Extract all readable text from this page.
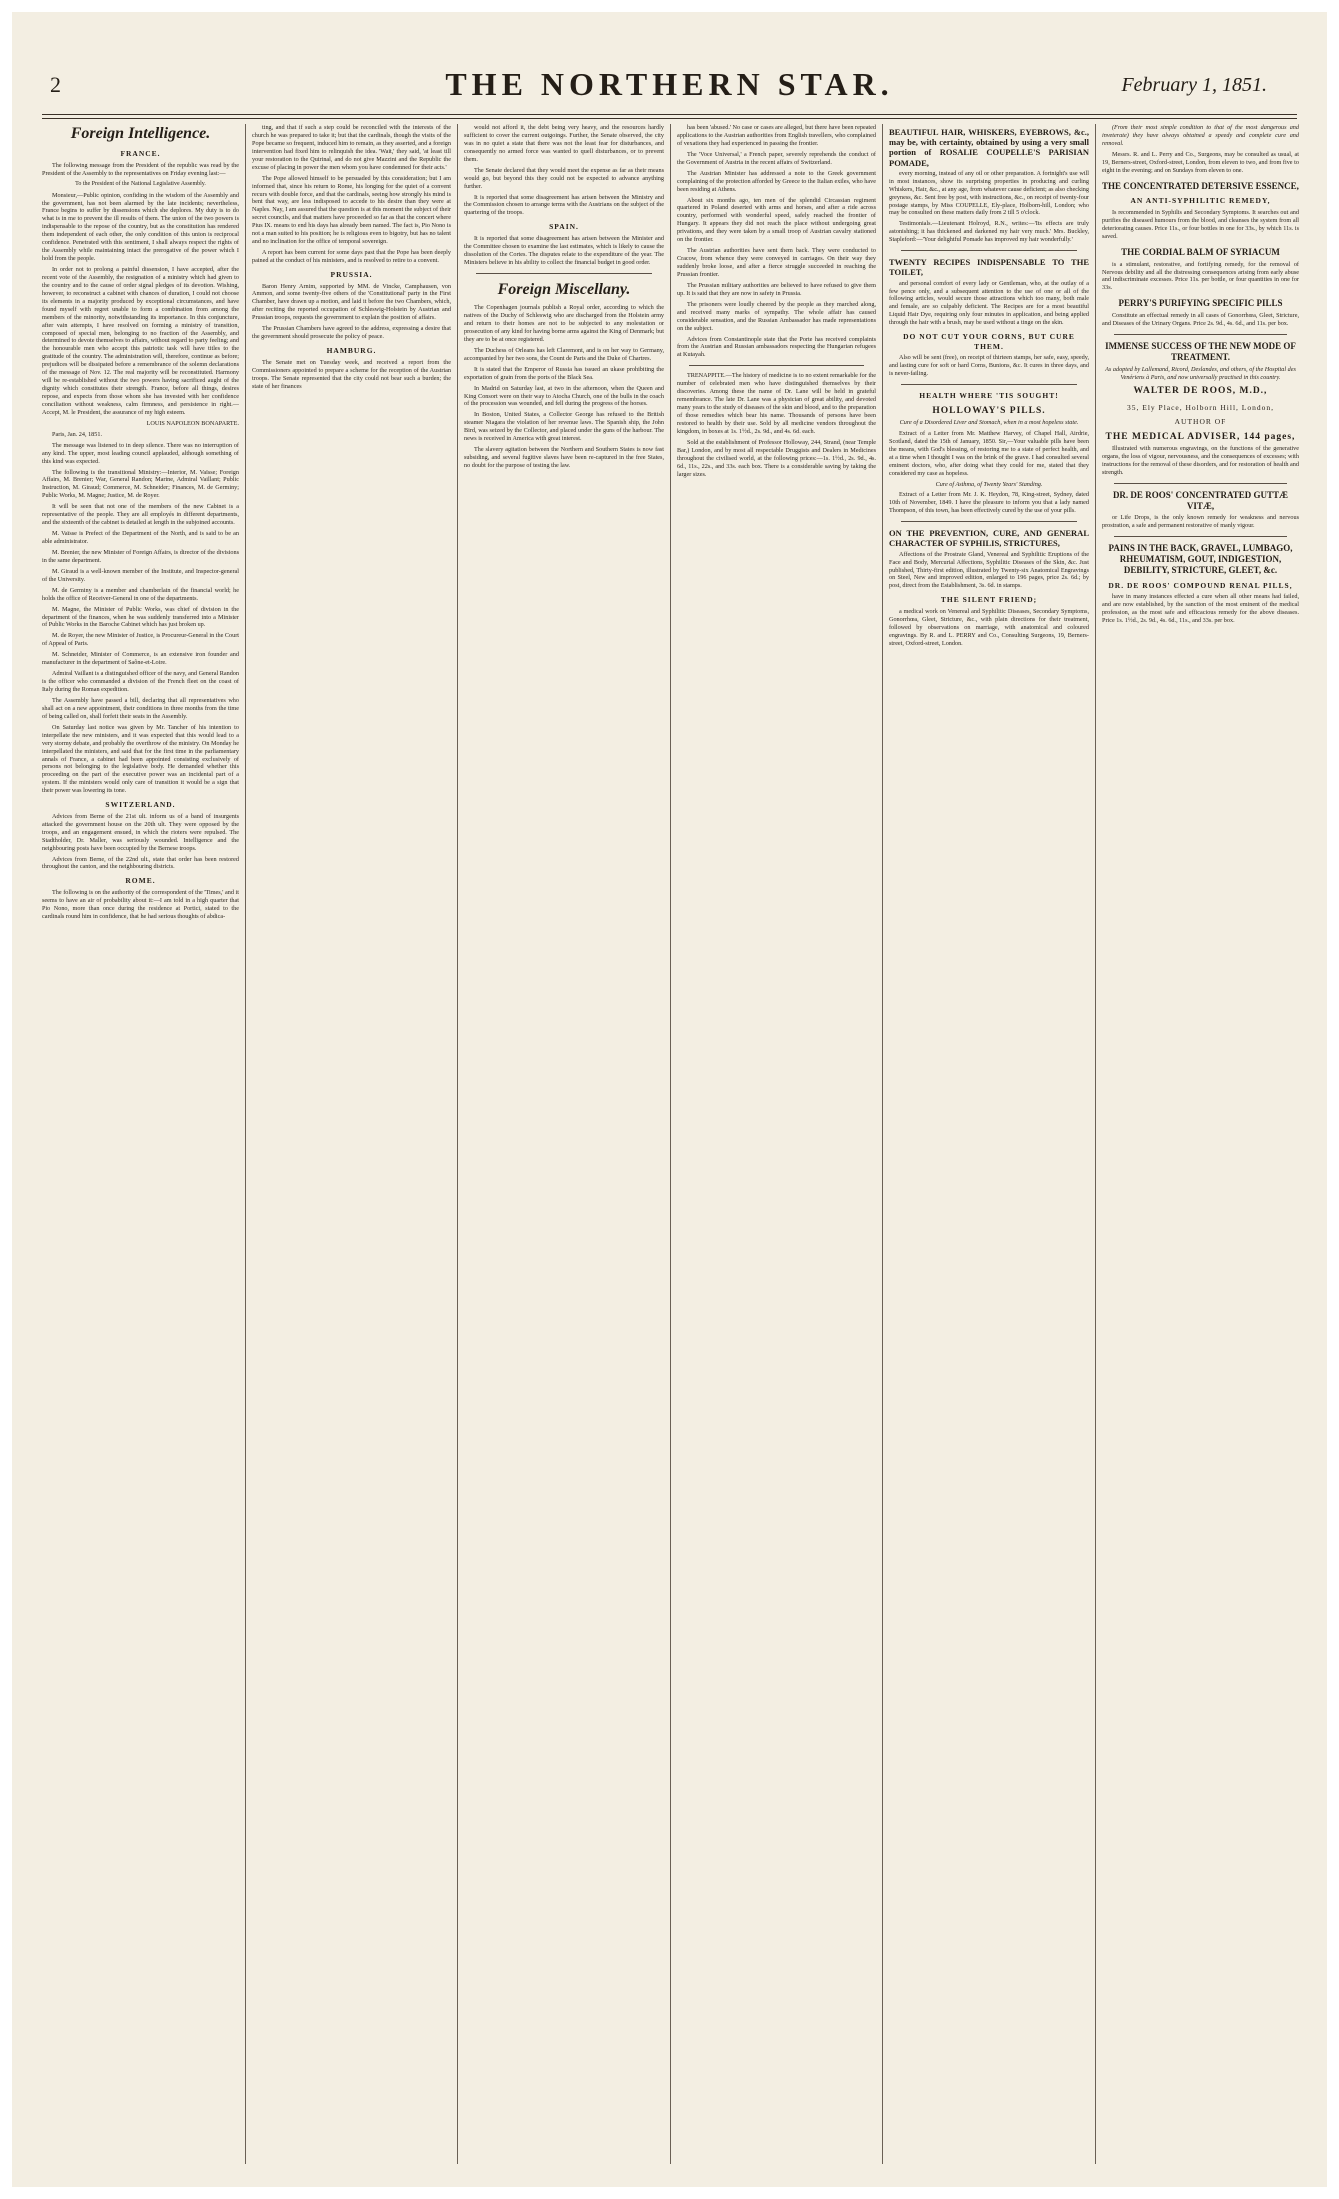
2	THE NORTHERN STAR.	February 1, 1851.
Foreign Intelligence.
FRANCE.

The following message from the President of the republic was read by the President of the Assembly to the representatives on Friday evening last:—

To the President of the National Legislative Assembly.

Monsieur,—Public opinion, confiding in the wisdom of the Assembly and the government, has not been alarmed by the late incidents; nevertheless, France begins to suffer by dissensions which she deplores. My duty is to do what is in me to prevent the ill results of them. The union of the two powers is indispensable to the repose of the country, but as the constitution has rendered them independent of each other, the only condition of this union is reciprocal confidence. Penetrated with this sentiment, I shall always respect the rights of the Assembly while maintaining intact the prerogative of the power which I hold from the people.

In order not to prolong a painful dissension, I have accepted, after the recent vote of the Assembly, the resignation of a ministry which had given to the country and to the cause of order signal pledges of its devotion. Wishing, however, to reconstruct a cabinet with chances of duration, I could not choose its elements in a majority produced by exceptional circumstances, and have found myself with regret unable to form a combination from among the members of the minority, notwithstanding its importance. In this conjuncture, after vain attempts, I have resolved on forming a ministry of transition, composed of special men, belonging to no fraction of the Assembly, and determined to devote themselves to affairs, without regard to party feeling; and the honourable men who accept this patriotic task will have titles to the gratitude of the country. The administration will, therefore, continue as before; prejudices will be dissipated before a remembrance of the solemn declarations of the message of Nov. 12. The real majority will be reconstituted. Harmony will be re-established without the two powers having sacrificed aught of the dignity which constitutes their strength. France, before all things, desires repose, and expects from those whom she has invested with her confidence conciliation without weakness, calm firmness, and persistence in right.—Accept, M. le President, the assurance of my high esteem.

LOUIS NAPOLEON BONAPARTE.

Paris, Jan. 24, 1851.

The message was listened to in deep silence. There was no interruption of any kind. The upper, most leading council applauded, although something of this kind was expected.

The following is the transitional Ministry:—Interior, M. Vaïsse; Foreign Affairs, M. Brenier; War, General Randon; Marine, Admiral Vaillant; Public Instruction, M. Giraud; Commerce, M. Schneider; Finances, M. de Germiny; Public Works, M. Magne; Justice, M. de Royer.

It will be seen that not one of the members of the new Cabinet is a representative of the people. They are all employés in different departments, and the sixteenth of the cabinet is detailed at length in the subjoined accounts.

M. Vaïsse is Prefect of the Department of the North, and is said to be an able administrator.

M. Brenier, the new Minister of Foreign Affairs, is director of the divisions in the same department.

M. Giraud is a well-known member of the Institute, and Inspector-general of the University.

M. de Germiny is a member and chamberlain of the financial world; he holds the office of Receiver-General in one of the departments.

M. Magne, the Minister of Public Works, was chief of division in the department of the finances, when he was suddenly transferred into a Minister of Public Works in the Baroche Cabinet which has just broken up.

M. de Royer, the new Minister of Justice, is Procureur-General in the Court of Appeal of Paris.

M. Schneider, Minister of Commerce, is an extensive iron founder and manufacturer in the department of Saône-et-Loire.

Admiral Vaillant is a distinguished officer of the navy, and General Randon is the officer who commanded a division of the French fleet on the coast of Italy during the Roman expedition.

The Assembly have passed a bill, declaring that all representatives who shall act on a new appointment, their conditions in three months from the time of being called on, shall forfeit their seats in the Assembly.

On Saturday last notice was given by Mr. Tancher of his intention to interpellate the new ministers, and it was expected that this would lead to a very stormy debate, and probably the overthrow of the ministry. On Monday he interpellated the ministers, and said that for the first time in the parliamentary annals of France, a cabinet had been appointed consisting exclusively of persons not belonging to the legislative body. He demanded whether this proceeding on the part of the executive power was an incidental part of a system. If the ministers would only care of transition it would be a sign that their power was lowering its tone.

SWITZERLAND.

Advices from Berne of the 21st ult. inform us of a band of insurgents attacked the government house on the 20th ult. They were opposed by the troops, and an engagement ensued, in which the rioters were repulsed. The Stadtholder, Dr. Maller, was seriously wounded. Intelligence and the neighbouring posts have been occupied by the Bernese troops.

Advices from Berne, of the 22nd ult., state that order has been restored throughout the canton, and the neighbouring districts.

ROME.

The following is on the authority of the correspondent of the 'Times,' and it seems to have an air of probability about it:—I am told in a high quarter that Pio Nono, more than once during the residence at Portici, stated to the cardinals round him in confidence, that he had serious thoughts of abdica-

ting, and that if such a step could be reconciled with the interests of the church he was prepared to take it; but that the cardinals, though the visits of the Pope became so frequent, induced him to remain, as they asserted, and a foreign intervention had fixed him to relinquish the idea. 'Wait,' they said, 'at least till your restoration to the Quirinal, and do not give Mazzini and the Republic the excuse of placing in power the men whom you have condemned for their acts.'

The Pope allowed himself to be persuaded by this consideration; but I am informed that, since his return to Rome, his longing for the quiet of a convent recurs with double force, and that the cardinals, seeing how strongly his mind is bent that way, are less indisposed to accede to his desire than they were at Naples. Nay, I am assured that the question is at this moment the subject of their secret councils, and that matters have proceeded so far as that the concert where Pius IX. means to end his days has already been named. The fact is, Pio Nono is not a man suited to his position; he is religious even to bigotry, but has no talent and no inclination for the office of temporal sovereign.

A report has been current for some days past that the Pope has been deeply pained at the conduct of his ministers, and is resolved to retire to a convent.

PRUSSIA.

Baron Henry Arnim, supported by MM. de Vincke, Camphausen, von Ammon, and some twenty-five others of the 'Constitutional' party in the First Chamber, have drawn up a motion, and laid it before the two Chambers, which, after reciting the reported occupation of Schleswig-Holstein by Austrian and Prussian troops, requests the government to explain the position of affairs.

The Prussian Chambers have agreed to the address, expressing a desire that the government should prosecute the policy of peace.

HAMBURG.

The Senate met on Tuesday week, and received a report from the Commissioners appointed to prepare a scheme for the reception of the Austrian troops. The Senate represented that the city could not bear such a burden; the state of her finances

would not afford it, the debt being very heavy, and the resources hardly sufficient to cover the current outgoings. Further, the Senate observed, the city was in no quiet a state that there was not the least fear for disturbances, and consequently no armed force was wanted to quell disturbances, or to prevent them.

The Senate declared that they would meet the expense as far as their means would go, but beyond this they could not be expected to advance anything further.

It is reported that some disagreement has arisen between the Ministry and the Commission chosen to arrange terms with the Austrians on the subject of the quartering of the troops.

SPAIN.

It is reported that some disagreement has arisen between the Minister and the Committee chosen to examine the last estimates, which is likely to cause the dissolution of the Cortes. The disputes relate to the expenditure of the year. The Ministers believe in his ability to collect the financial budget in good order.

Foreign Miscellany.

The Copenhagen journals publish a Royal order, according to which the natives of the Duchy of Schleswig who are discharged from the Holstein army and return to their homes are not to be subjected to any molestation or prosecution of any kind for having borne arms against the King of Denmark; but they are to be at once registered.

The Duchess of Orleans has left Claremont, and is on her way to Germany, accompanied by her two sons, the Count de Paris and the Duke of Chartres.

It is stated that the Emperor of Russia has issued an ukase prohibiting the exportation of grain from the ports of the Black Sea.

In Madrid on Saturday last, at two in the afternoon, when the Queen and King Consort were on their way to Atocha Church, one of the bulls in the coach of the procession was wounded, and fell during the progress of the horses.

In Boston, United States, a Collector George has refused to the British steamer Niagara the violation of her revenue laws. The Spanish ship, the John Bird, was seized by the Collector, and placed under the guns of the harbour. The news is received in America with great interest.

The slavery agitation between the Northern and Southern States is now fast subsiding, and several fugitive slaves have been re-captured in the free States, no doubt for the purpose of testing the law.

has been 'abused.' No case or cases are alleged, but there have been repeated applications to the Austrian authorities from English travellers, who complained of vexations they had experienced in passing the frontier.

The 'Voce Universal,' a French paper, severely reprehends the conduct of the Government of Austria in the recent affairs of Switzerland.

The Austrian Minister has addressed a note to the Greek government complaining of the protection afforded by Greece to the Italian exiles, who have been residing at Athens.

About six months ago, ten men of the splendid Circassian regiment quartered in Poland deserted with arms and horses, and after a ride across country, performed with wonderful speed, safely reached the frontier of Hungary. It appears they did not reach the place without undergoing great privations, and they were taken by a small troop of Austrian cavalry stationed on the frontier.

The Austrian authorities have sent them back. They were conducted to Cracow, from whence they were conveyed in carriages. On their way they suddenly broke loose, and after a fierce struggle succeeded in reaching the Prussian frontier.

The Prussian military authorities are believed to have refused to give them up. It is said that they are now in safety in Prussia.

The prisoners were loudly cheered by the people as they marched along, and received many marks of sympathy. The whole affair has caused considerable sensation, and the Russian Ambassador has made representations on the subject.

Advices from Constantinople state that the Porte has received complaints from the Austrian and Russian ambassadors respecting the Hungarian refugees at Kutayah.

TRENAPPITE.—The history of medicine is to no extent remarkable for the number of celebrated men who have distinguished themselves by their discoveries. Among these the name of Dr. Lane will be held in grateful remembrance. The late Dr. Lane was a physician of great ability, and devoted many years to the study of diseases of the skin and blood, and to the preparation of those remedies which bear his name. Thousands of persons have been restored to health by their use. Sold by all medicine vendors throughout the kingdom, in boxes at 1s. 1½d., 2s. 9d., and 4s. 6d. each.

Sold at the establishment of Professor Holloway, 244, Strand, (near Temple Bar,) London, and by most all respectable Druggists and Dealers in Medicines throughout the civilised world, at the following prices:—1s. 1½d., 2s. 9d., 4s. 6d., 11s., 22s., and 33s. each box. There is a considerable saving by taking the larger sizes.

BEAUTIFUL HAIR, WHISKERS, EYEBROWS, &c., may be, with certainty, obtained by using a very small portion of ROSALIE COUPELLE'S PARISIAN POMADE,

every morning, instead of any oil or other preparation. A fortnight's use will in most instances, show its surprising properties in producing and curling Whiskers, Hair, &c., at any age, from whatever cause deficient; as also checking greyness, &c. Sent free by post, with instructions, &c., on receipt of twenty-four postage stamps, by Miss COUPELLE, Ely-place, Holborn-hill, London; who may be consulted on these matters daily from 2 till 5 o'clock.

Testimonials.—Lieutenant Holroyd, R.N., writes:—'Its effects are truly astonishing; it has thickened and darkened my hair very much.' Mrs. Buckley, Stapleford:—'Your delightful Pomade has improved my hair wonderfully.'

TWENTY RECIPES INDISPENSABLE TO THE TOILET,

and personal comfort of every lady or Gentleman, who, at the outlay of a few pence only, and a subsequent attention to the use of one or all of the following articles, would secure those attractions which too many, both male and female, are so culpably deficient. The Recipes are for a most beautiful Liquid Hair Dye, requiring only four minutes in application, and being applied through the hair with a brush, may be used without a tinge on the skin.

DO NOT CUT YOUR CORNS, BUT CURE THEM.

Also will be sent (free), on receipt of thirteen stamps, her safe, easy, speedy, and lasting cure for soft or hard Corns, Bunions, &c. It cures in three days, and is never-failing.

HEALTH WHERE 'TIS SOUGHT!
HOLLOWAY'S PILLS.

Cure of a Disordered Liver and Stomach, when in a most hopeless state.

Extract of a Letter from Mr. Matthew Harvey, of Chapel Hall, Airdrie, Scotland, dated the 15th of January, 1850. Sir,—Your valuable pills have been the means, with God's blessing, of restoring me to a state of perfect health, and at a time when I thought I was on the brink of the grave. I had consulted several eminent doctors, who, after doing what they could for me, stated that they considered my case as hopeless.

Cure of Asthma, of Twenty Years' Standing.

Extract of a Letter from Mr. J. K. Heydon, 78, King-street, Sydney, dated 10th of November, 1849. I have the pleasure to inform you that a lady named Thompson, of this town, has been effectively cured by the use of your pills.

ON THE PREVENTION, CURE, AND GENERAL CHARACTER OF SYPHILIS, STRICTURES,

Affections of the Prostrate Gland, Venereal and Syphilitic Eruptions of the Face and Body, Mercurial Affections, Syphilitic Diseases of the Skin, &c. Just published, Thirty-first edition, illustrated by Twenty-six Anatomical Engravings on Steel, New and improved edition, enlarged to 196 pages, price 2s. 6d.; by post, direct from the Establishment, 3s. 6d. in stamps.

THE SILENT FRIEND;

a medical work on Venereal and Syphilitic Diseases, Secondary Symptoms, Gonorrhœa, Gleet, Stricture, &c., with plain directions for their treatment, followed by observations on marriage, with anatomical and coloured engravings. By R. and L. PERRY and Co., Consulting Surgeons, 19, Berners-street, Oxford-street, London.

(From their most simple condition to that of the most dangerous and inveterate) they have always obtained a speedy and complete cure and removal.

Messrs. R. and L. Perry and Co., Surgeons, may be consulted as usual, at 19, Berners-street, Oxford-street, London, from eleven to two, and from five to eight in the evening; and on Sundays from eleven to one.

THE CONCENTRATED DETERSIVE ESSENCE,
AN ANTI-SYPHILITIC REMEDY,

Is recommended in Syphilis and Secondary Symptoms. It searches out and purifies the diseased humours from the blood, and cleanses the system from all deteriorating causes. Price 11s., or four bottles in one for 33s., by which 11s. is saved.

THE CORDIAL BALM OF SYRIACUM

is a stimulant, restorative, and fortifying remedy, for the removal of Nervous debility and all the distressing consequences arising from early abuse and indiscriminate excesses. Price 11s. per bottle, or four quantities in one for 33s.

PERRY'S PURIFYING SPECIFIC PILLS

Constitute an effectual remedy in all cases of Gonorrhœa, Gleet, Stricture, and Diseases of the Urinary Organs. Price 2s. 9d., 4s. 6d., and 11s. per box.

IMMENSE SUCCESS OF THE NEW MODE OF TREATMENT.

As adopted by Lallemand, Ricord, Deslandes, and others, of the Hospital des Venériens à Paris, and now universally practised in this country.

WALTER DE ROOS, M.D.,
35, Ely Place, Holborn Hill, London,
AUTHOR OF
THE MEDICAL ADVISER, 144 pages,

Illustrated with numerous engravings, on the functions of the generative organs, the loss of vigour, nervousness, and the consequences of excesses; with instructions for the removal of these disorders, and for restoration of health and strength.

DR. DE ROOS' CONCENTRATED GUTTÆ VITÆ,

or Life Drops, is the only known remedy for weakness and nervous prostration, a safe and permanent restorative of manly vigour.

PAINS IN THE BACK, GRAVEL, LUMBAGO, RHEUMATISM, GOUT, INDIGESTION, DEBILITY, STRICTURE, GLEET, &c.
DR. DE ROOS' COMPOUND RENAL PILLS,

have in many instances effected a cure when all other means had failed, and are now established, by the sanction of the most eminent of the medical profession, as the most safe and efficacious remedy for the above diseases. Price 1s. 1½d., 2s. 9d., 4s. 6d., 11s., and 33s. per box.
